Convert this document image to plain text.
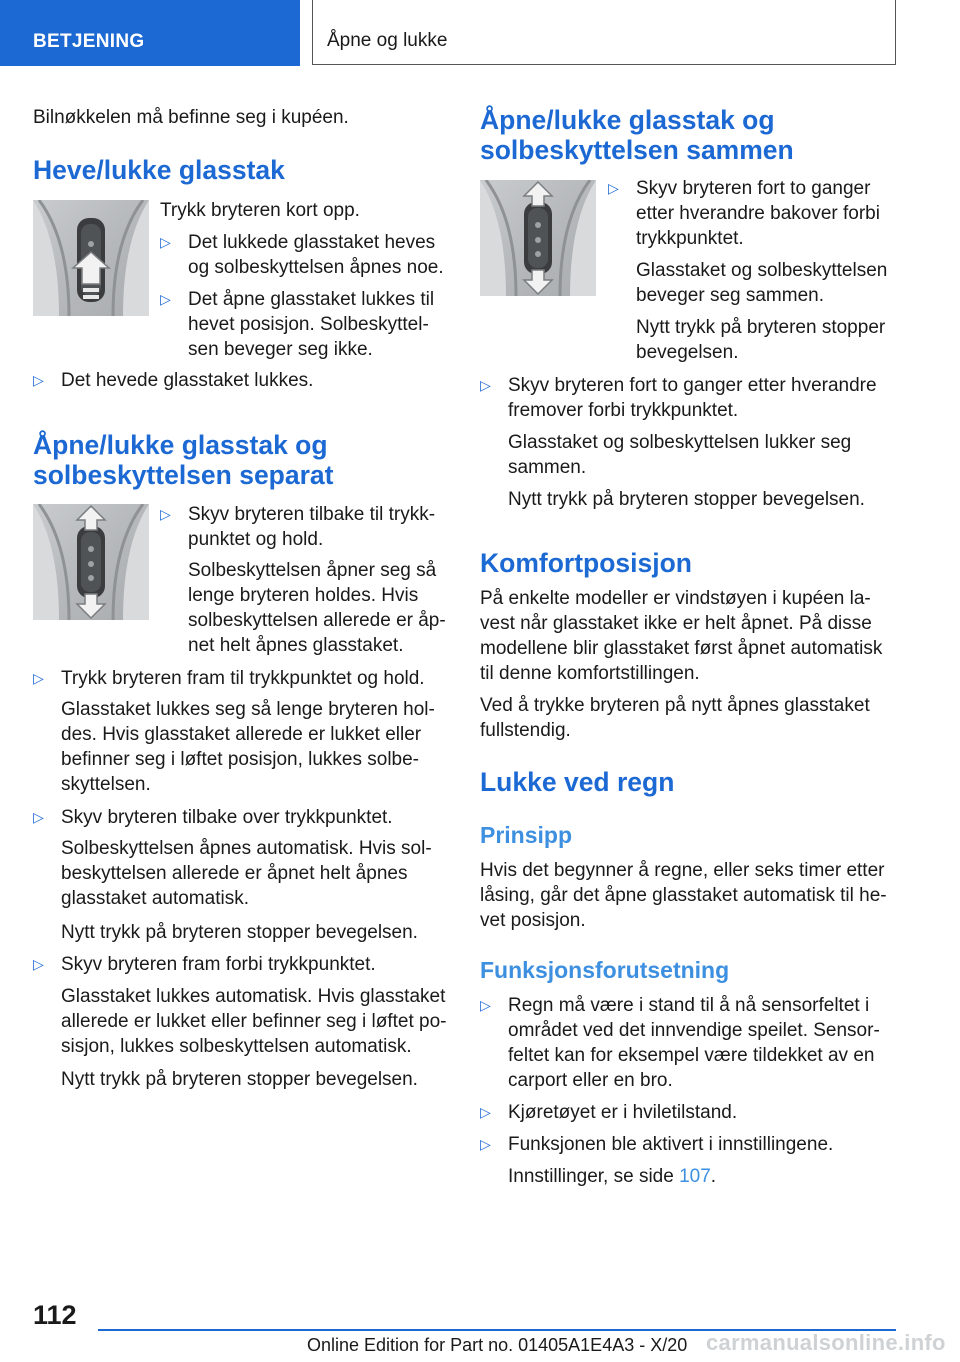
BETJENING	Åpne og lukke
Bilnøkkelen må befinne seg i kupéen.
Heve/lukke glasstak
Trykk bryteren kort opp.
▷ Det lukkede glasstaket heves
og solbeskyttelsen åpnes noe.
▷ Det åpne glasstaket lukkes til
hevet posisjon. Solbeskyttel-
sen beveger seg ikke.
▷ Det hevede glasstaket lukkes.
Åpne/lukke glasstak og
solbeskyttelsen separat
▷ Skyv bryteren tilbake til trykk-
punktet og hold.
Solbeskyttelsen åpner seg så
lenge bryteren holdes. Hvis
solbeskyttelsen allerede er åp-
net helt åpnes glasstaket.
▷ Trykk bryteren fram til trykkpunktet og hold.
Glasstaket lukkes seg så lenge bryteren hol-
des. Hvis glasstaket allerede er lukket eller
befinner seg i løftet posisjon, lukkes solbe-
skyttelsen.
▷ Skyv bryteren tilbake over trykkpunktet.
Solbeskyttelsen åpnes automatisk. Hvis sol-
beskyttelsen allerede er åpnet helt åpnes
glasstaket automatisk.
Nytt trykk på bryteren stopper bevegelsen.
▷ Skyv bryteren fram forbi trykkpunktet.
Glasstaket lukkes automatisk. Hvis glasstaket
allerede er lukket eller befinner seg i løftet po-
sisjon, lukkes solbeskyttelsen automatisk.
Nytt trykk på bryteren stopper bevegelsen.
Åpne/lukke glasstak og
solbeskyttelsen sammen
▷ Skyv bryteren fort to ganger
etter hverandre bakover forbi
trykkpunktet.
Glasstaket og solbeskyttelsen
beveger seg sammen.
Nytt trykk på bryteren stopper
bevegelsen.
▷ Skyv bryteren fort to ganger etter hverandre
fremover forbi trykkpunktet.
Glasstaket og solbeskyttelsen lukker seg
sammen.
Nytt trykk på bryteren stopper bevegelsen.
Komfortposisjon
På enkelte modeller er vindstøyen i kupéen la-
vest når glasstaket ikke er helt åpnet. På disse
modellene blir glasstaket først åpnet automatisk
til denne komfortstillingen.
Ved å trykke bryteren på nytt åpnes glasstaket
fullstendig.
Lukke ved regn
Prinsipp
Hvis det begynner å regne, eller seks timer etter
låsing, går det åpne glasstaket automatisk til he-
vet posisjon.
Funksjonsforutsetning
▷ Regn må være i stand til å nå sensorfeltet i
området ved det innvendige speilet. Sensor-
feltet kan for eksempel være tildekket av en
carport eller en bro.
▷ Kjøretøyet er i hviletilstand.
▷ Funksjonen ble aktivert i innstillingene.
Innstillinger, se side 107.
112
Online Edition for Part no. 01405A1E4A3 - X/20 carmanualsonline.info
